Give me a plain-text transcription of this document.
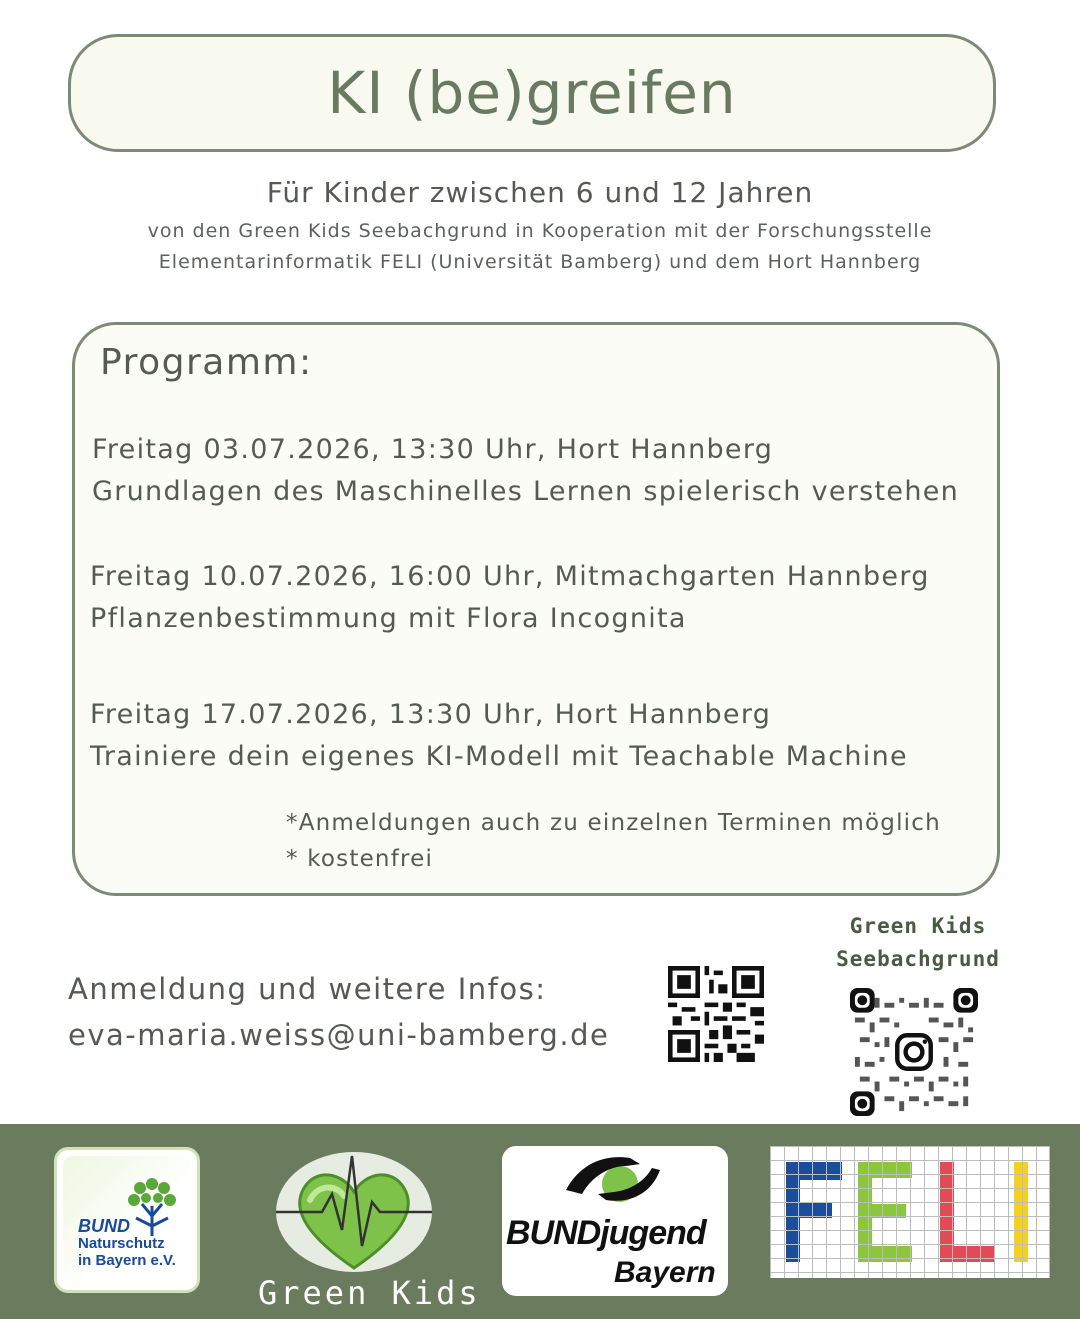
KI (be)greifen
Für Kinder zwischen 6 und 12 Jahren
von den Green Kids Seebachgrund in Kooperation mit der Forschungsstelle
Elementarinformatik FELI (Universität Bamberg) und dem Hort Hannberg
Programm:
Freitag 03.07.2026, 13:30 Uhr, Hort Hannberg
Grundlagen des Maschinelles Lernen spielerisch verstehen
Freitag 10.07.2026, 16:00 Uhr, Mitmachgarten Hannberg
Pflanzenbestimmung mit Flora Incognita
Freitag 17.07.2026, 13:30 Uhr, Hort Hannberg
Trainiere dein eigenes KI-Modell mit Teachable Machine
*Anmeldungen auch zu einzelnen Terminen möglich
* kostenfrei
Anmeldung und weitere Infos:
eva-maria.weiss@uni-bamberg.de
Green Kids
Seebachgrund
BUND
Naturschutz
in Bayern e.V.
Green Kids
BUNDjugend
Bayern
